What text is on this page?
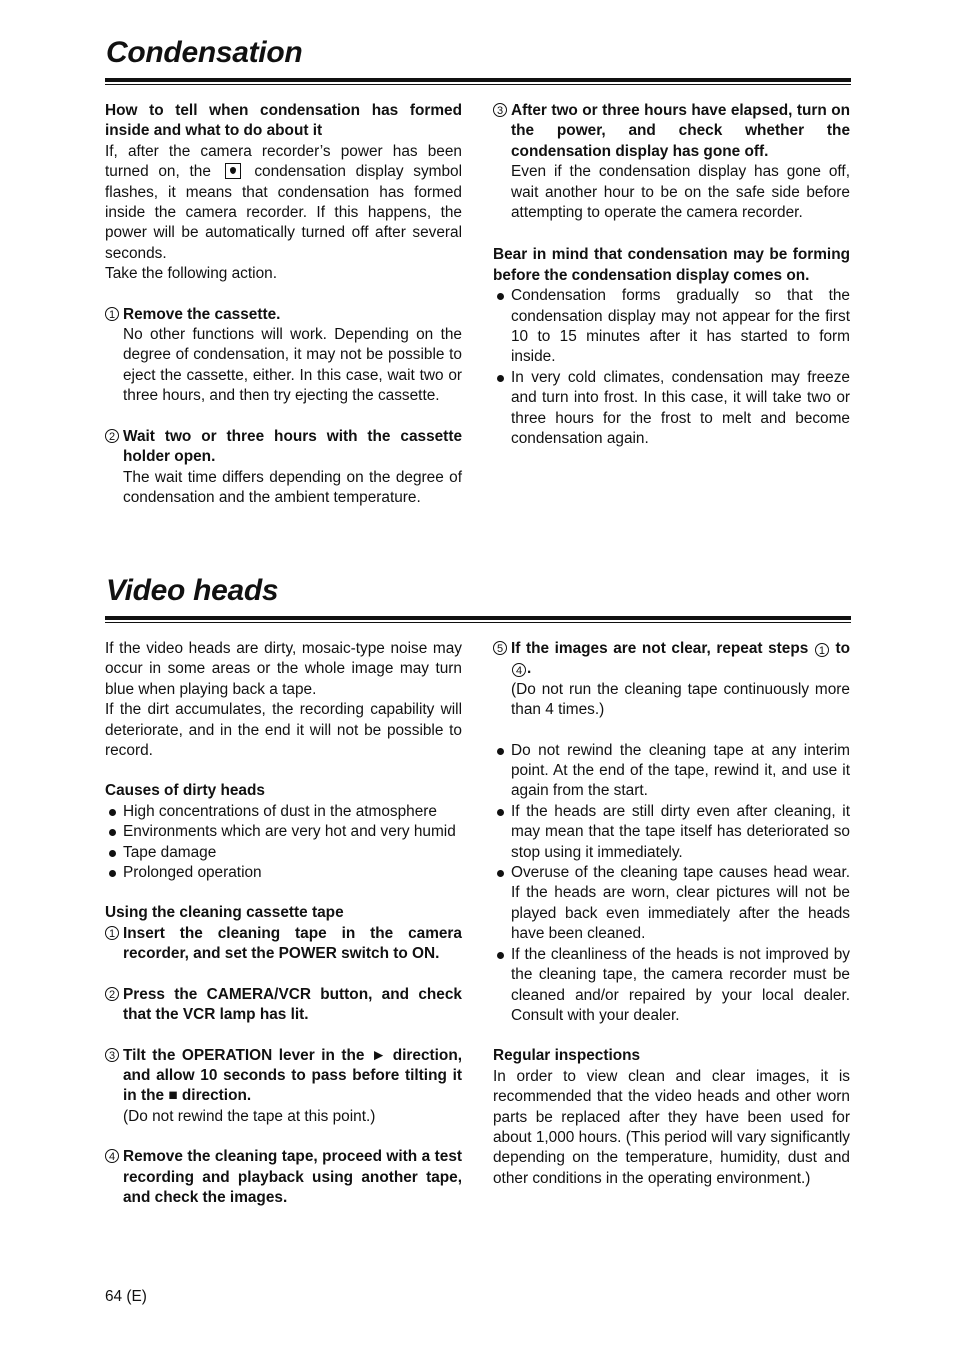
Condensation

How to tell when condensation has formed inside and what to do about it

If, after the camera recorder’s power has been turned on, the	condensation display symbol flashes, it means that condensation has formed inside the camera recorder. If this happens, the power will be automatically turned off after several seconds.

Take the following action.

1 Remove the cassette.
No other functions will work. Depending on the degree of condensation, it may not be possible to eject the cassette, either. In this case, wait two or three hours, and then try ejecting the cassette.
2 Wait two or three hours with the cassette holder open.
The wait time differs depending on the degree of condensation and the ambient temperature.
3 After two or three hours have elapsed, turn on the power, and check whether the condensation display has gone off.
Even if the condensation display has gone off, wait another hour to be on the safe side before attempting to operate the camera recorder.

Bear in mind that condensation may be forming before the condensation display comes on.

Condensation forms gradually so that the condensation display may not appear for the first 10 to 15 minutes after it has started to form inside.
In very cold climates, condensation may freeze and turn into frost. In this case, it will take two or three hours for the frost to melt and become condensation again.
Video heads

If the video heads are dirty, mosaic-type noise may occur in some areas or the whole image may turn blue when playing back a tape.

If the dirt accumulates, the recording capability will deteriorate, and in the end it will not be possible to record.

Causes of dirty heads

High concentrations of dust in the atmosphere
Environments which are very hot and very humid
Tape damage
Prolonged operation

Using the cleaning cassette tape

1 Insert the cleaning tape in the camera recorder, and set the POWER switch to ON.
2 Press the CAMERA/VCR button, and check that the VCR lamp has lit.
3 Tilt the OPERATION lever in the ► direction, and allow 10 seconds to pass before tilting it in the ■ direction.
(Do not rewind the tape at this point.)
4 Remove the cleaning tape, proceed with a test recording and playback using another tape, and check the images.
5 If the images are not clear, repeat steps 1 to 4 .
(Do not run the cleaning tape continuously more than 4 times.)
Do not rewind the cleaning tape at any interim point. At the end of the tape, rewind it, and use it again from the start.
If the heads are still dirty even after cleaning, it may mean that the tape itself has deteriorated so stop using it immediately.
Overuse of the cleaning tape causes head wear. If the heads are worn, clear pictures will not be played back even immediately after the heads have been cleaned.
If the cleanliness of the heads is not improved by the cleaning tape, the camera recorder must be cleaned and/or repaired by your local dealer. Consult with your dealer.

Regular inspections

In order to view clean and clear images, it is recommended that the video heads and other worn parts be replaced after they have been used for about 1,000 hours. (This period will vary significantly depending on the temperature, humidity, dust and other conditions in the operating environment.)

64 (E)
